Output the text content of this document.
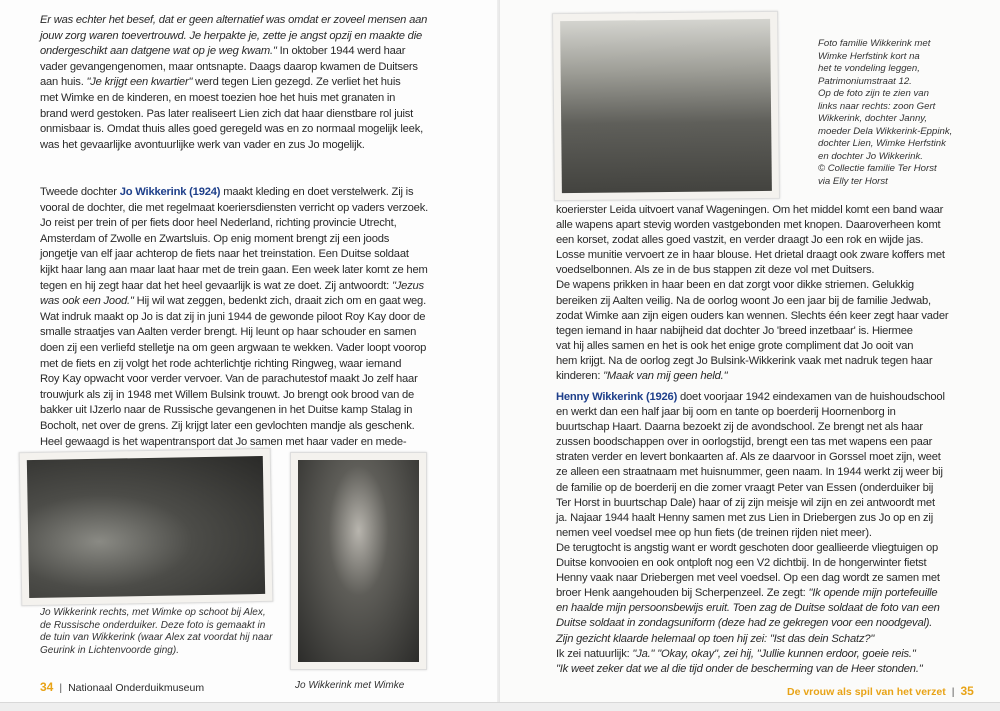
Er was echter het besef, dat er geen alternatief was omdat er zoveel mensen aan
jouw zorg waren toevertrouwd. Je herpakte je, zette je angst opzij en maakte die
ondergeschikt aan datgene wat op je weg kwam." In oktober 1944 werd haar
vader gevangengenomen, maar ontsnapte. Daags daarop kwamen de Duitsers
aan huis. "Je krijgt een kwartier" werd tegen Lien gezegd. Ze verliet het huis
met Wimke en de kinderen, en moest toezien hoe het huis met granaten in
brand werd gestoken. Pas later realiseert Lien zich dat haar dienstbare rol juist
onmisbaar is. Omdat thuis alles goed geregeld was en zo normaal mogelijk leek,
was het gevaarlijke avontuurlijke werk van vader en zus Jo mogelijk.
Tweede dochter Jo Wikkerink (1924) maakt kleding en doet verstelwerk. Zij is
vooral de dochter, die met regelmaat koeriersdiensten verricht op vaders verzoek.
Jo reist per trein of per fiets door heel Nederland, richting provincie Utrecht,
Amsterdam of Zwolle en Zwartsluis. Op enig moment brengt zij een joods
jongetje van elf jaar achterop de fiets naar het treinstation. Een Duitse soldaat
kijkt haar lang aan maar laat haar met de trein gaan. Een week later komt ze hem
tegen en hij zegt haar dat het heel gevaarlijk is wat ze doet. Zij antwoordt: "Jezus
was ook een Jood." Hij wil wat zeggen, bedenkt zich, draait zich om en gaat weg.
Wat indruk maakt op Jo is dat zij in juni 1944 de gewonde piloot Roy Kay door de
smalle straatjes van Aalten verder brengt. Hij leunt op haar schouder en samen
doen zij een verliefd stelletje na om geen argwaan te wekken. Vader loopt voorop
met de fiets en zij volgt het rode achterlichtje richting Ringweg, waar iemand
Roy Kay opwacht voor verder vervoer. Van de parachutestof maakt Jo zelf haar
trouwjurk als zij in 1948 met Willem Bulsink trouwt. Jo brengt ook brood van de
bakker uit IJzerlo naar de Russische gevangenen in het Duitse kamp Stalag in
Bocholt, net over de grens. Zij krijgt later een gevlochten mandje als geschenk.
Heel gewaagd is het wapentransport dat Jo samen met haar vader en mede-
Jo Wikkerink rechts, met Wimke op schoot bij Alex,
de Russische onderduiker. Deze foto is gemaakt in
de tuin van Wikkerink (waar Alex zat voordat hij naar
Geurink in Lichtenvoorde ging).
Jo Wikkerink met Wimke
34 | Nationaal Onderduikmuseum
Foto familie Wikkerink met
Wimke Herfstink kort na
het te vondeling leggen,
Patrimoniumstraat 12.
Op de foto zijn te zien van
links naar rechts: zoon Gert
Wikkerink, dochter Janny,
moeder Dela Wikkerink-Eppink,
dochter Lien, Wimke Herfstink
en dochter Jo Wikkerink.
© Collectie familie Ter Horst
via Elly ter Horst
koerierster Leida uitvoert vanaf Wageningen. Om het middel komt een band waar
alle wapens apart stevig worden vastgebonden met knopen. Daaroverheen komt
een korset, zodat alles goed vastzit, en verder draagt Jo een rok en wijde jas.
Losse munitie vervoert ze in haar blouse. Het drietal draagt ook zware koffers met
voedselbonnen. Als ze in de bus stappen zit deze vol met Duitsers.
De wapens prikken in haar been en dat zorgt voor dikke striemen. Gelukkig
bereiken zij Aalten veilig. Na de oorlog woont Jo een jaar bij de familie Jedwab,
zodat Wimke aan zijn eigen ouders kan wennen. Slechts één keer zegt haar vader
tegen iemand in haar nabijheid dat dochter Jo 'breed inzetbaar' is. Hiermee
vat hij alles samen en het is ook het enige grote compliment dat Jo ooit van
hem krijgt. Na de oorlog zegt Jo Bulsink-Wikkerink vaak met nadruk tegen haar
kinderen: "Maak van mij geen held."
Henny Wikkerink (1926) doet voorjaar 1942 eindexamen van de huishoudschool
en werkt dan een half jaar bij oom en tante op boerderij Hoornenborg in
buurtschap Haart. Daarna bezoekt zij de avondschool. Ze brengt net als haar
zussen boodschappen over in oorlogstijd, brengt een tas met wapens een paar
straten verder en levert bonkaarten af. Als ze daarvoor in Gorssel moet zijn, weet
ze alleen een straatnaam met huisnummer, geen naam. In 1944 werkt zij weer bij
de familie op de boerderij en die zomer vraagt Peter van Essen (onderduiker bij
Ter Horst in buurtschap Dale) haar of zij zijn meisje wil zijn en zei antwoordt met
ja. Najaar 1944 haalt Henny samen met zus Lien in Driebergen zus Jo op en zij
nemen veel voedsel mee op hun fiets (de treinen rijden niet meer).
De terugtocht is angstig want er wordt geschoten door geallieerde vliegtuigen op
Duitse konvooien en ook ontploft nog een V2 dichtbij. In de hongerwinter fietst
Henny vaak naar Driebergen met veel voedsel. Op een dag wordt ze samen met
broer Henk aangehouden bij Scherpenzeel. Ze zegt: "Ik opende mijn portefeuille
en haalde mijn persoonsbewijs eruit. Toen zag de Duitse soldaat de foto van een
Duitse soldaat in zondagsuniform (deze had ze gekregen voor een noodgeval).
Zijn gezicht klaarde helemaal op toen hij zei: "Ist das dein Schatz?"
Ik zei natuurlijk: "Ja." "Okay, okay", zei hij, "Jullie kunnen erdoor, goeie reis."
"Ik weet zeker dat we al die tijd onder de bescherming van de Heer stonden."
De vrouw als spil van het verzet | 35
